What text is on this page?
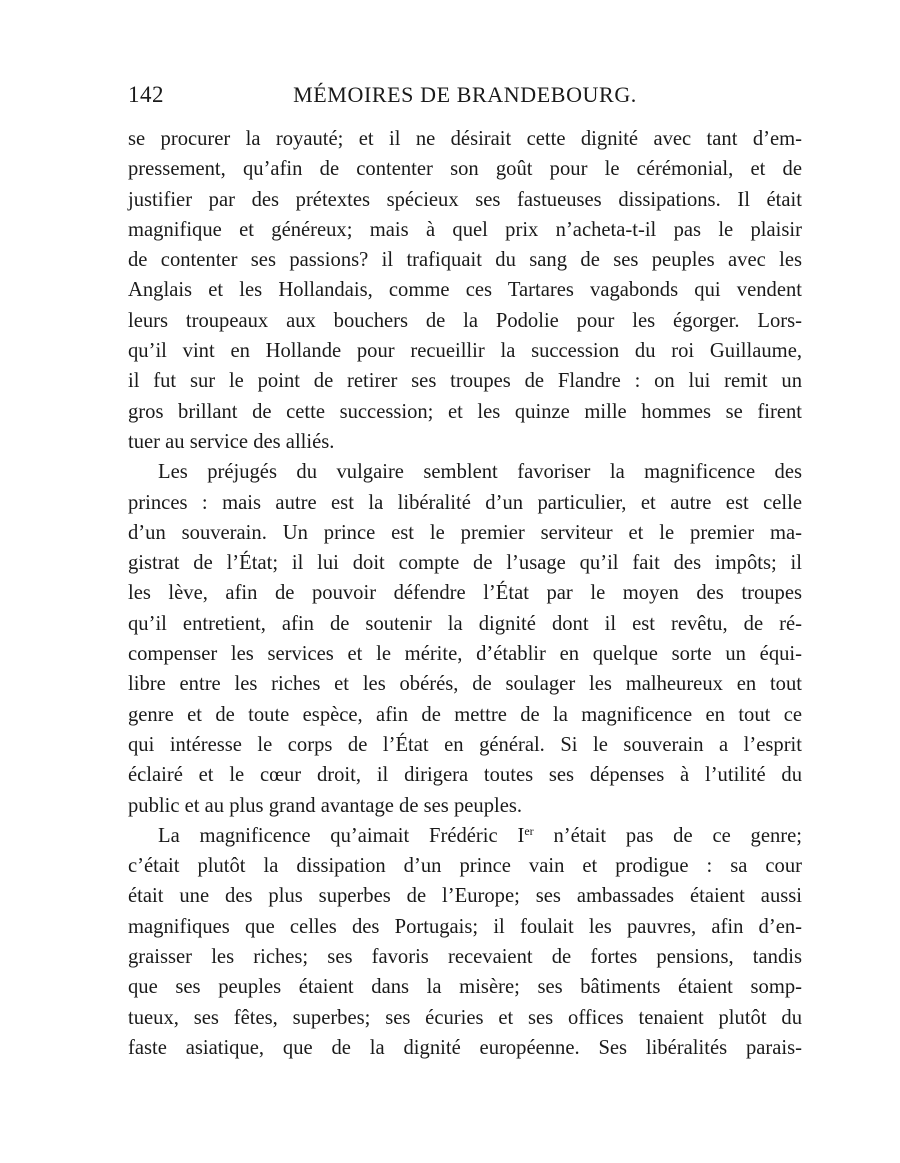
142	MÉMOIRES DE BRANDEBOURG.
se procurer la royauté; et il ne désirait cette dignité avec tant d’em-
pressement, qu’afin de contenter son goût pour le cérémonial, et de
justifier par des prétextes spécieux ses fastueuses dissipations. Il était
magnifique et généreux; mais à quel prix n’acheta-t-il pas le plaisir
de contenter ses passions? il trafiquait du sang de ses peuples avec les
Anglais et les Hollandais, comme ces Tartares vagabonds qui vendent
leurs troupeaux aux bouchers de la Podolie pour les égorger. Lors-
qu’il vint en Hollande pour recueillir la succession du roi Guillaume,
il fut sur le point de retirer ses troupes de Flandre : on lui remit un
gros brillant de cette succession; et les quinze mille hommes se firent
tuer au service des alliés.
Les préjugés du vulgaire semblent favoriser la magnificence des
princes : mais autre est la libéralité d’un particulier, et autre est celle
d’un souverain. Un prince est le premier serviteur et le premier ma-
gistrat de l’État; il lui doit compte de l’usage qu’il fait des impôts; il
les lève, afin de pouvoir défendre l’État par le moyen des troupes
qu’il entretient, afin de soutenir la dignité dont il est revêtu, de ré-
compenser les services et le mérite, d’établir en quelque sorte un équi-
libre entre les riches et les obérés, de soulager les malheureux en tout
genre et de toute espèce, afin de mettre de la magnificence en tout ce
qui intéresse le corps de l’État en général. Si le souverain a l’esprit
éclairé et le cœur droit, il dirigera toutes ses dépenses à l’utilité du
public et au plus grand avantage de ses peuples.
La magnificence qu’aimait Frédéric Ier n’était pas de ce genre;
c’était plutôt la dissipation d’un prince vain et prodigue : sa cour
était une des plus superbes de l’Europe; ses ambassades étaient aussi
magnifiques que celles des Portugais; il foulait les pauvres, afin d’en-
graisser les riches; ses favoris recevaient de fortes pensions, tandis
que ses peuples étaient dans la misère; ses bâtiments étaient somp-
tueux, ses fêtes, superbes; ses écuries et ses offices tenaient plutôt du
faste asiatique, que de la dignité européenne. Ses libéralités parais-
